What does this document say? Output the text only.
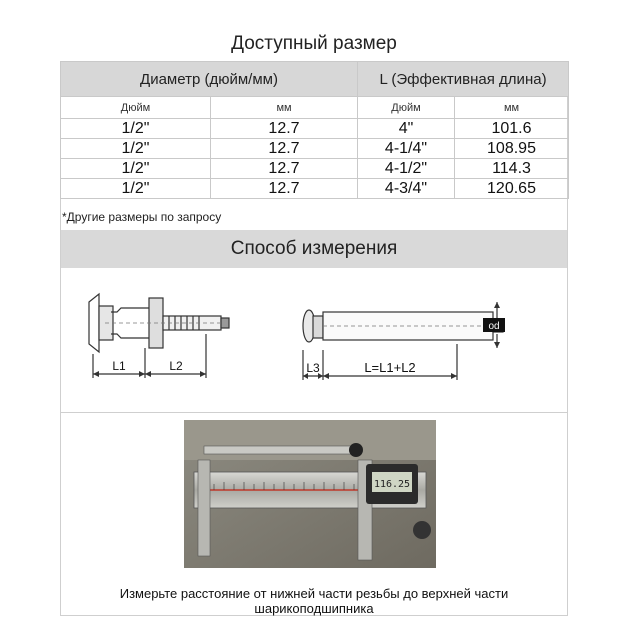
Доступный размер
Диаметр (дюйм/мм)		L (Эффективная длина)	
Дюйм	мм	Дюйм	мм
1/2"	12.7	4"	101.6
1/2"	12.7	4-1/4"	108.95
1/2"	12.7	4-1/2"	114.3
1/2"	12.7	4-3/4"	120.65
*Другие размеры по запросу
Способ измерения
L1	L2
od
L3	L=L1+L2
116.25
Измерьте расстояние от нижней части резьбы до верхней части шарикоподшипника
